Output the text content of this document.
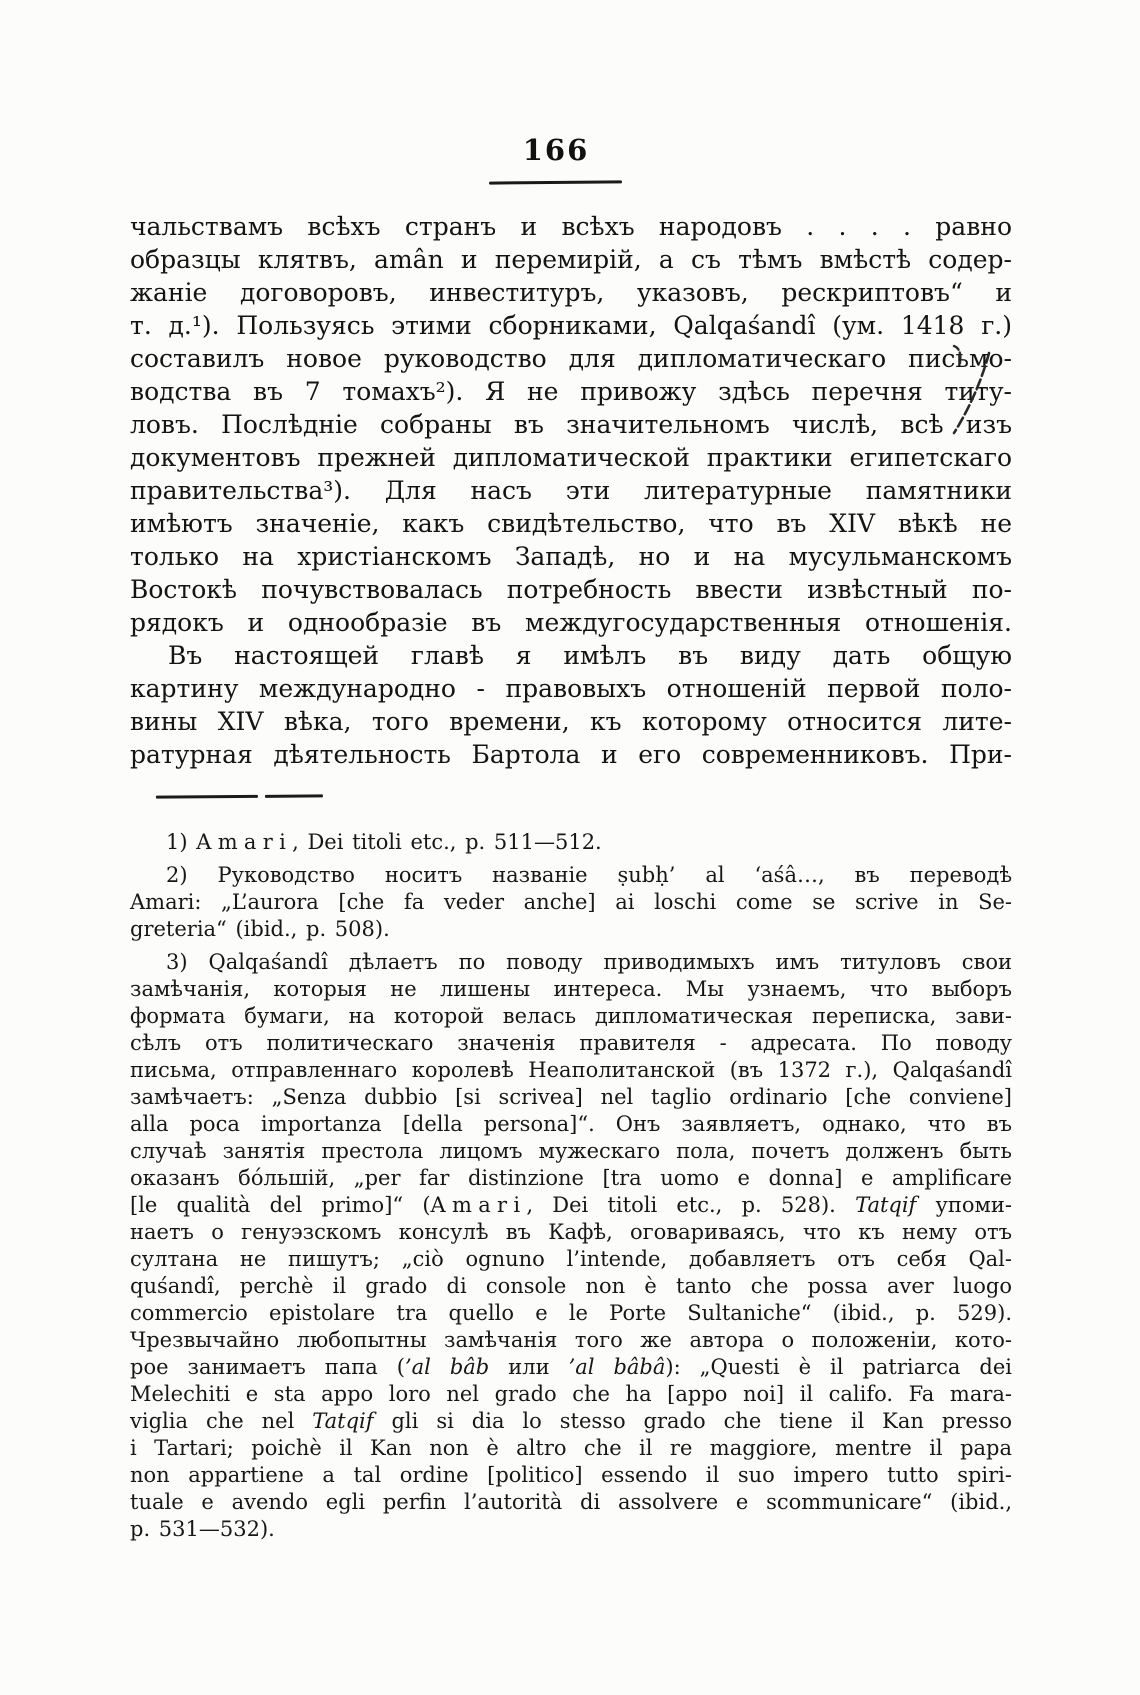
166
чальствамъ всѣхъ странъ и всѣхъ народовъ . . . . равно
образцы клятвъ, amân и перемирій, а съ тѣмъ вмѣстѣ содер-
жаніе договоровъ, инвеституръ, указовъ, рескриптовъ“ и
т. д.¹). Пользуясь этими сборниками, Qalqaśandî (ум. 1418 г.)
составилъ новое руководство для дипломатическаго письмо-
водства въ 7 томахъ²). Я не привожу здѣсь перечня титу-
ловъ. Послѣдніе собраны въ значительномъ числѣ, всѣ изъ
документовъ прежней дипломатической практики египетскаго
правительства³). Для насъ эти литературные памятники
имѣютъ значеніе, какъ свидѣтельство, что въ XIV вѣкѣ не
только на христіанскомъ Западѣ, но и на мусульманскомъ
Востокѣ почувствовалась потребность ввести извѣстный по-
рядокъ и однообразіе въ междугосударственныя отношенія.
Въ настоящей главѣ я имѣлъ въ виду дать общую
картину международно - правовыхъ отношеній первой поло-
вины XIV вѣка, того времени, къ которому относится лите-
ратурная дѣятельность Бартола и его современниковъ. При-
1) Amari, Dei titoli etc., p. 511—512.
2) Руководство носитъ названіе ṣubḥ’ al ‘aśâ…, въ переводѣ
Amari: „L’aurora [che fa veder anche] ai loschi come se scrive in Se-
greteria“ (ibid., p. 508).
3) Qalqaśandî дѣлаетъ по поводу приводимыхъ имъ титуловъ свои
замѣчанія, которыя не лишены интереса. Мы узнаемъ, что выборъ
формата бумаги, на которой велась дипломатическая переписка, зави-
сѣлъ отъ политическаго значенія правителя - адресата. По поводу
письма, отправленнаго королевѣ Неаполитанской (въ 1372 г.), Qalqaśandî
замѣчаетъ: „Senza dubbio [si scrivea] nel taglio ordinario [che conviene]
alla poca importanza [della persona]“. Онъ заявляетъ, однако, что въ
случаѣ занятія престола лицомъ мужескаго пола, почетъ долженъ быть
оказанъ бо́льшій, „per far distinzione [tra uomo e donna] e amplificare
[le qualità del primo]“ (Amari, Dei titoli etc., p. 528). Tatqif упоми-
наетъ о генуэзскомъ консулѣ въ Кафѣ, оговариваясь, что къ нему отъ
султана не пишутъ; „ciò ognuno l’intende, добавляетъ отъ себя Qal-
quśandî, perchè il grado di console non è tanto che possa aver luogo
commercio epistolare tra quello e le Porte Sultaniche“ (ibid., p. 529).
Чрезвычайно любопытны замѣчанія того же автора о положеніи, кото-
рое занимаетъ папа (’al bâb или ’al bâbâ): „Questi è il patriarca dei
Melechiti e sta appo loro nel grado che ha [appo noi] il califo. Fa mara-
viglia che nel Tatqif gli si dia lo stesso grado che tiene il Kan presso
i Tartari; poichè il Kan non è altro che il re maggiore, mentre il papa
non appartiene a tal ordine [politico] essendo il suo impero tutto spiri-
tuale e avendo egli perfin l’autorità di assolvere e scommunicare“ (ibid.,
p. 531—532).
